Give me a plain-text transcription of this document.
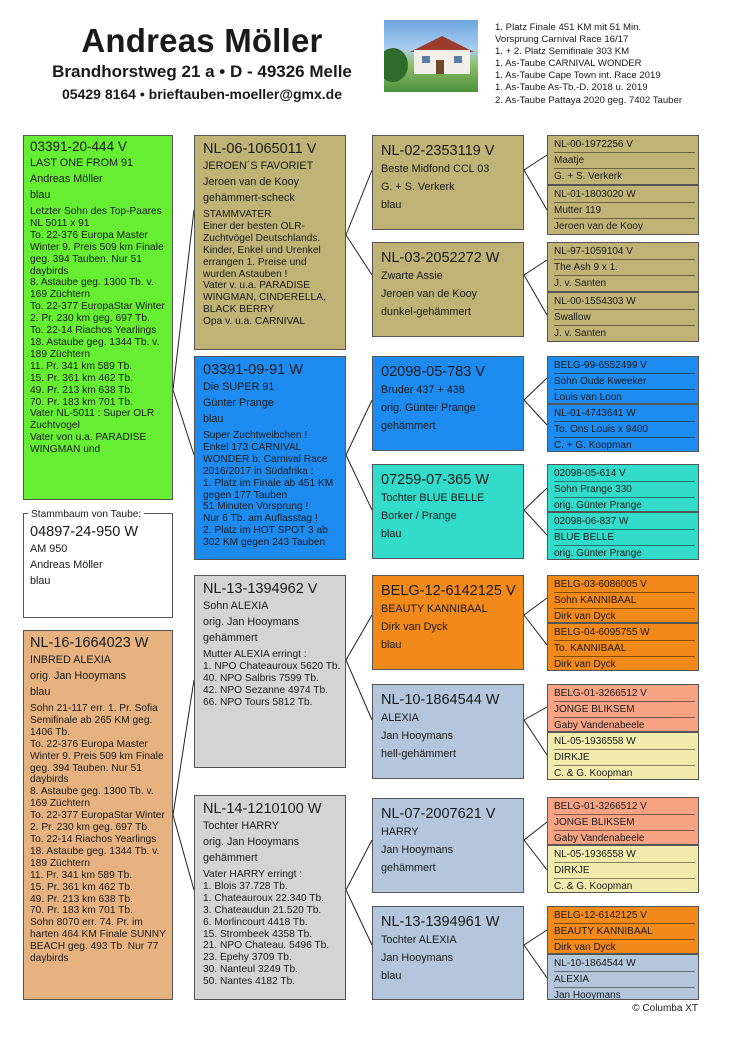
Andreas Möller
Brandhorstweg 21 a • D - 49326 Melle
05429 8164 • brieftauben-moeller@gmx.de
1. Platz Finale 451 KM mit 51 Min.
Vorsprung Carnival Race 16/17
1. + 2. Platz Semifinale 303 KM
1. As-Taube CARNIVAL WONDER
1. As-Taube Cape Town int. Race 2019
1. As-Taube As-Tb.-D. 2018 u. 2019
2. As-Taube Pattaya 2020 geg. 7402 Tauber
03391-20-444 V
LAST ONE FROM 91
Andreas Möller
blau
Letzter Sohn des Top-Paares NL 5011 x 91
To. 22-376 Europa Master Winter 9. Preis 509 km Finale geg. 394 Tauben. Nur 51 daybirds
8. Astaube geg. 1300 Tb. v. 169 Züchtern
To. 22-377 EuropaStar Winter 2. Pr. 230 km geg. 697 Tb.
To. 22-14 Riachos Yearlings 18. Astaube geg. 1344 Tb. v. 189 Züchtern
11. Pr. 341 km 589 Tb.
15. Pr. 361 km 462 Tb.
49. Pr. 213 km 638 Tb.
70. Pr. 183 km 701 Tb.
Vater NL-5011 : Super OLR Zuchtvogel
Vater von u.a. PARADISE WINGMAN und
04897-24-950 W
AM 950
Andreas Möller
blau
Stammbaum von Taube:
NL-16-1664023 W
INBRED ALEXIA
orig. Jan Hooymans
blau
Sohn 21-117 err. 1. Pr. Sofia Semifinale ab 265 KM geg. 1406 Tb.
To. 22-376 Europa Master Winter 9. Preis 509 km Finale geg. 394 Tauben. Nur 51 daybirds
8. Astaube geg. 1300 Tb. v. 169 Züchtern
To. 22-377 EuropaStar Winter 2. Pr. 230 km geg. 697 Tb.
To. 22-14 Riachos Yearlings 18. Astaube geg. 1344 Tb. v. 189 Züchtern
11. Pr. 341 km 589 Tb.
15. Pr. 361 km 462 Tb.
49. Pr. 213 km 638 Tb.
70. Pr. 183 km 701 Tb.
Sohn 8070 err. 74. Pr. im harten 464 KM Finale SUNNY BEACH geg. 493 Tb. Nur 77 daybirds
NL-06-1065011 V
JEROEN´S FAVORIET
Jeroen van de Kooy
gehämmert-scheck
STAMMVATER
Einer der besten OLR-Zuchtvögel Deutschlands. Kinder, Enkel und Urenkel errangen 1. Preise und wurden Astauben !
Vater v. u.a. PARADISE WINGMAN, CINDERELLA, BLACK BERRY
Opa v. u.a. CARNIVAL
03391-09-91 W
Die SUPER 91
Günter Prange
blau
Super Zuchtweibchen !
Enkel 173 CARNIVAL WONDER b. Carnival Race 2016/2017 in Südafrika :
1. Platz im Finale ab 451 KM gegen 177 Tauben
51 Minuten Vorsprung !
Nur 6 Tb. am Auflasstag !
2. Platz im HOT SPOT 3 ab 302 KM gegen 243 Tauben
NL-13-1394962 V
Sohn ALEXIA
orig. Jan Hooymans
gehämmert
Mutter ALEXIA erringt :
1. NPO Chateauroux 5620 Tb.
40. NPO Salbris 7599 Tb.
42. NPO Sezanne 4974 Tb.
66. NPO Tours 5812 Tb.
NL-14-1210100 W
Tochter HARRY
orig. Jan Hooymans
gehämmert
Vater HARRY erringt :
1. Blois 37.728 Tb.
1. Chateauroux 22.340 Tb.
3. Chateaudun 21.520 Tb.
6. Morlincourt 4418 Tb.
15. Strombeek 4358 Tb.
21. NPO Chateau. 5496 Tb.
23. Epehy 3709 Tb.
30. Nanteul 3249 Tb.
50. Nantes 4182 Tb.
NL-02-2353119 V
Beste Midfond CCL 03
G. + S. Verkerk
blau
NL-03-2052272 W
Zwarte Assie
Jeroen van de Kooy
dunkel-gehämmert
02098-05-783 V
Bruder 437 + 438
orig. Günter Prange
gehämmert
07259-07-365 W
Tochter BLUE BELLE
Borker / Prange
blau
BELG-12-6142125 V
BEAUTY KANNIBAAL
Dirk van Dyck
blau
NL-10-1864544 W
ALEXIA
Jan Hooymans
hell-gehämmert
NL-07-2007621 V
HARRY
Jan Hooymans
gehämmert
NL-13-1394961 W
Tochter ALEXIA
Jan Hooymans
blau
NL-00-1972256 V
Maatje
G. + S. Verkerk
NL-01-1803020 W
Mutter 119
Jeroen van de Kooy
NL-97-1059104 V
The Ash 9 x 1.
J. v. Santen
NL-00-1554303 W
Swallow
J. v. Santen
BELG-99-6552499 V
Sohn Oude Kweeker
Louis van Loon
NL-01-4743641 W
To. Ons Louis x 9400
C. + G. Koopman
02098-05-614 V
Sohn Prange 330
orig. Günter Prange
02098-06-837 W
BLUE BELLE
orig. Günter Prange
BELG-03-6086005 V
Sohn KANNIBAAL
Dirk van Dyck
BELG-04-6095755 W
To. KANNIBAAL
Dirk van Dyck
BELG-01-3266512 V
JONGE BLIKSEM
Gaby Vandenabeele
NL-05-1936558 W
DIRKJE
C. & G. Koopman
BELG-01-3266512 V
JONGE BLIKSEM
Gaby Vandenabeele
NL-05-1936558 W
DIRKJE
C. & G. Koopman
BELG-12-6142125 V
BEAUTY KANNIBAAL
Dirk van Dyck
NL-10-1864544 W
ALEXIA
Jan Hooymans
© Columba XT
